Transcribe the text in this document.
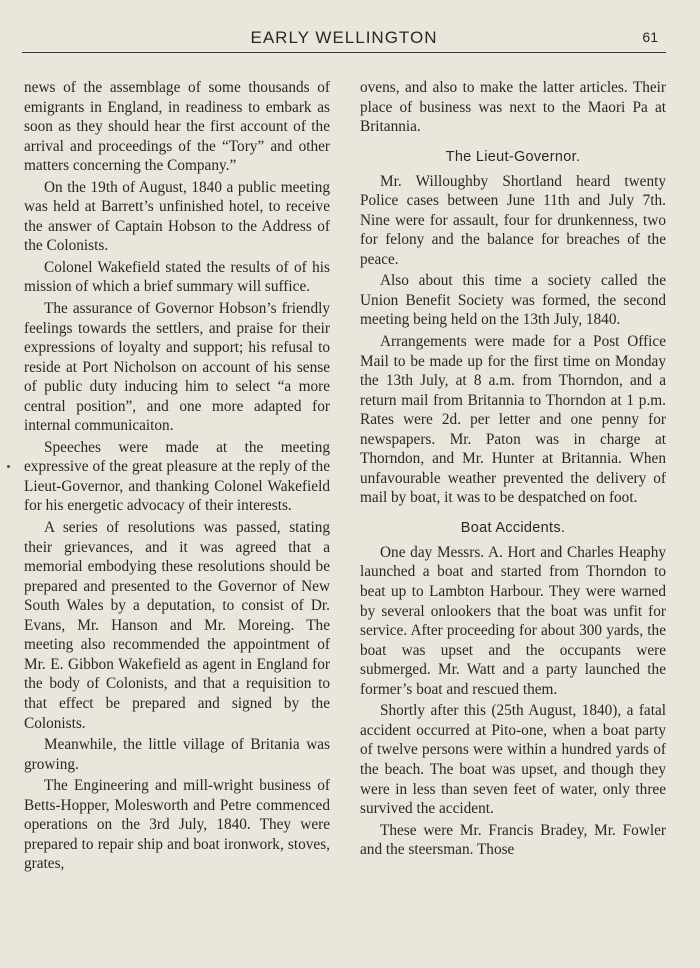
EARLY WELLINGTON	61

news of the assemblage of some thousands of emigrants in England, in readiness to embark as soon as they should hear the first account of the arrival and proceedings of the “Tory” and other matters concerning the Company.”

On the 19th of August, 1840 a public meeting was held at Barrett’s unfinished hotel, to receive the answer of Captain Hobson to the Address of the Colonists.

Colonel Wakefield stated the results of of his mission of which a brief summary will suffice.

The assurance of Governor Hobson’s friendly feelings towards the settlers, and praise for their expressions of loyalty and support; his refusal to reside at Port Nicholson on account of his sense of public duty inducing him to select “a more central position”, and one more adapted for internal communicaiton.

Speeches were made at the meeting expressive of the great pleasure at the reply of the Lieut-Governor, and thanking Colonel Wakefield for his energetic advocacy of their interests.

A series of resolutions was passed, stating their grievances, and it was agreed that a memorial embodying these resolutions should be prepared and presented to the Governor of New South Wales by a deputation, to consist of Dr. Evans, Mr. Hanson and Mr. Moreing. The meeting also recommended the appointment of Mr. E. Gibbon Wakefield as agent in England for the body of Colonists, and that a requisition to that effect be prepared and signed by the Colonists.

Meanwhile, the little village of Britania was growing.

The Engineering and mill-wright business of Betts-Hopper, Molesworth and Petre commenced operations on the 3rd July, 1840. They were prepared to repair ship and boat ironwork, stoves, grates,

ovens, and also to make the latter articles. Their place of business was next to the Maori Pa at Britannia.

The Lieut-Governor.

Mr. Willoughby Shortland heard twenty Police cases between June 11th and July 7th. Nine were for assault, four for drunkenness, two for felony and the balance for breaches of the peace.

Also about this time a society called the Union Benefit Society was formed, the second meeting being held on the 13th July, 1840.

Arrangements were made for a Post Office Mail to be made up for the first time on Monday the 13th July, at 8 a.m. from Thorndon, and a return mail from Britannia to Thorndon at 1 p.m. Rates were 2d. per letter and one penny for newspapers. Mr. Paton was in charge at Thorndon, and Mr. Hunter at Britannia. When unfavourable weather prevented the delivery of mail by boat, it was to be despatched on foot.

Boat Accidents.

One day Messrs. A. Hort and Charles Heaphy launched a boat and started from Thorndon to beat up to Lambton Harbour. They were warned by several onlookers that the boat was unfit for service. After proceeding for about 300 yards, the boat was upset and the occupants were submerged. Mr. Watt and a party launched the former’s boat and rescued them.

Shortly after this (25th August, 1840), a fatal accident occurred at Pito-one, when a boat party of twelve persons were within a hundred yards of the beach. The boat was upset, and though they were in less than seven feet of water, only three survived the accident.

These were Mr. Francis Bradey, Mr. Fowler and the steersman. Those
